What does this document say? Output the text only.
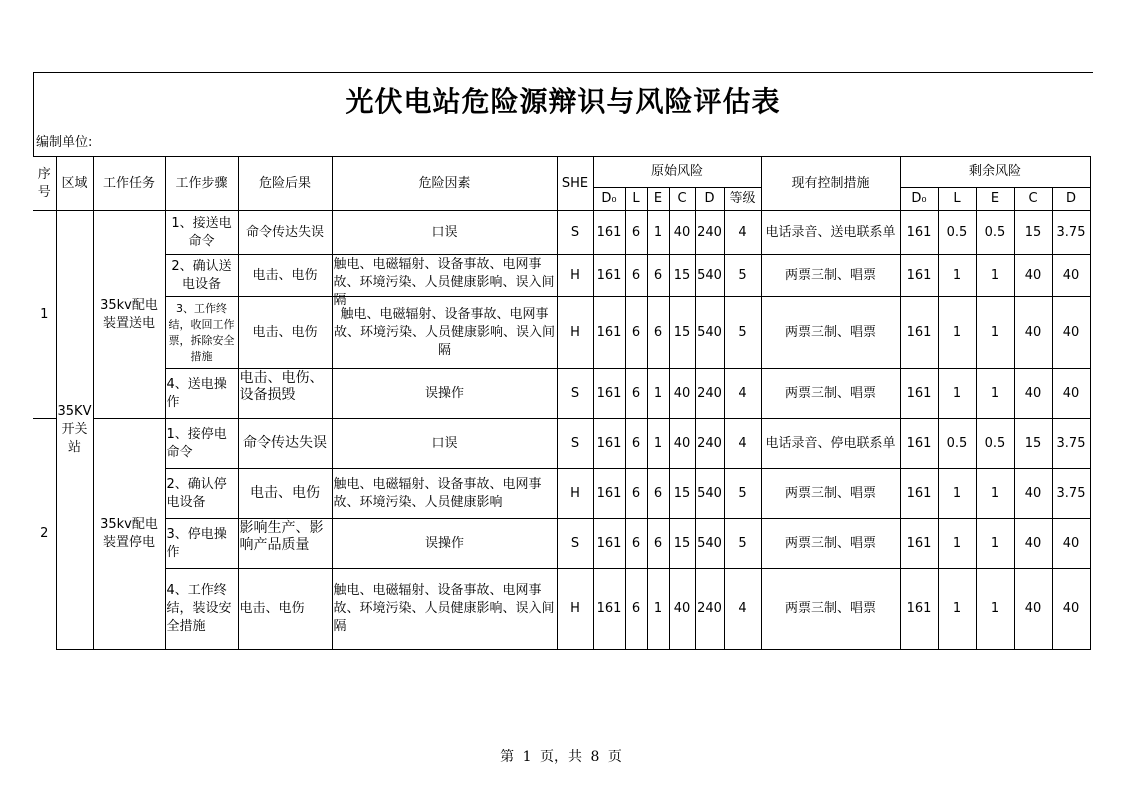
光伏电站危险源辩识与风险评估表
编制单位:
序号	区域	工作任务	工作步骤	危险后果	危险因素	SHE	原始风险						现有控制措施	剩余风险				
							D₀	L	E	C	D	等级		D₀	L	E	C	D
1	35KV开关站	35kv配电装置送电	1、接送电命令	命令传达失误	口误	S	161	6	1	40	240	4	电话录音、送电联系单	161	0.5	0.5	15	3.75
			2、确认送电设备	电击、电伤	触电、电磁辐射、设备事故、电网事故、环境污染、人员健康影响、误入间隔	H	161	6	6	15	540	5	两票三制、唱票	161	1	1	40	40
			3、工作终结，收回工作票，拆除安全措施	电击、电伤	触电、电磁辐射、设备事故、电网事故、环境污染、人员健康影响、误入间隔	H	161	6	6	15	540	5	两票三制、唱票	161	1	1	40	40
			4、送电操作	电击、电伤、设备损毁	误操作	S	161	6	1	40	240	4	两票三制、唱票	161	1	1	40	40
2		35kv配电装置停电	1、接停电命令	命令传达失误	口误	S	161	6	1	40	240	4	电话录音、停电联系单	161	0.5	0.5	15	3.75
			2、确认停电设备	电击、电伤	触电、电磁辐射、设备事故、电网事故、环境污染、人员健康影响	H	161	6	6	15	540	5	两票三制、唱票	161	1	1	40	3.75
			3、停电操作	影响生产、影响产品质量	误操作	S	161	6	6	15	540	5	两票三制、唱票	161	1	1	40	40
			4、工作终结，装设安全措施	电击、电伤	触电、电磁辐射、设备事故、电网事故、环境污染、人员健康影响、误入间隔	H	161	6	1	40	240	4	两票三制、唱票	161	1	1	40	40
第 1 页，共 8 页
